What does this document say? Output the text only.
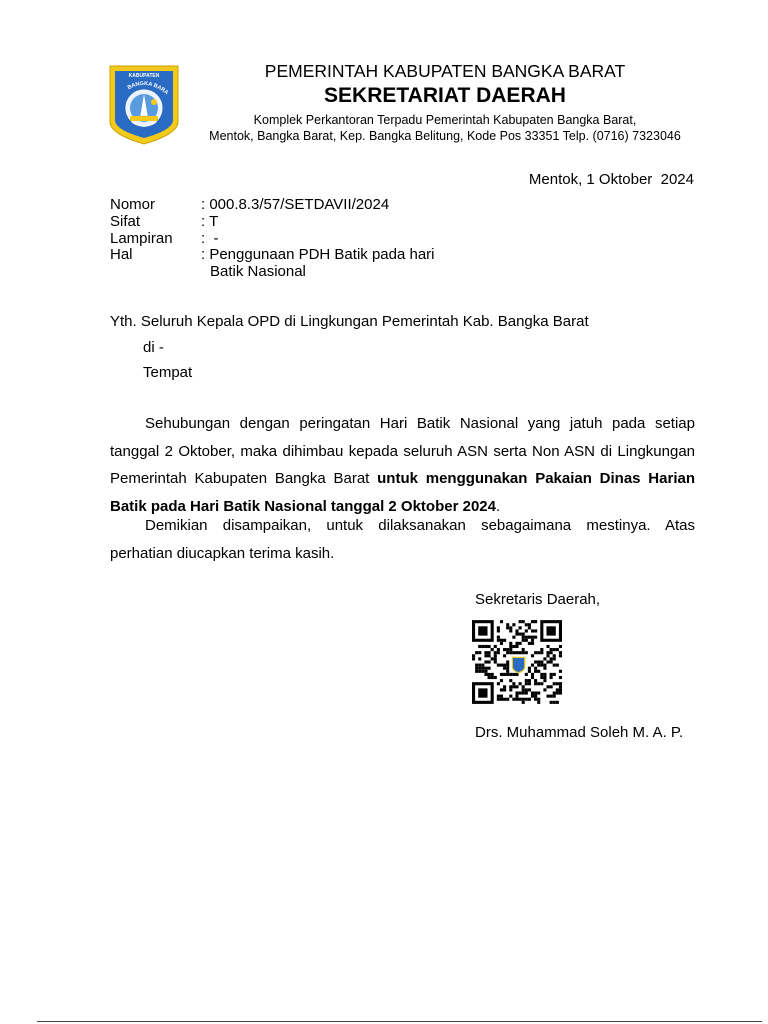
KABUPATEN
BANGKA BARA
PEMERINTAH KABUPATEN BANGKA BARAT
SEKRETARIAT DAERAH
Komplek Perkantoran Terpadu Pemerintah Kabupaten Bangka Barat,
Mentok, Bangka Barat, Kep. Bangka Belitung, Kode Pos 33351 Telp. (0716) 7323046
Mentok, 1 Oktober  2024
Nomor	: 000.8.3/57/SETDAVII/2024
Sifat	: T
Lampiran :  -
Hal	: Penggunaan PDH Batik pada hari
Batik Nasional
Yth. Seluruh Kepala OPD di Lingkungan Pemerintah Kab. Bangka Barat
di -
Tempat

Sehubungan dengan peringatan Hari Batik Nasional yang jatuh pada setiap tanggal 2 Oktober, maka dihimbau kepada seluruh ASN serta Non ASN di Lingkungan Pemerintah Kabupaten Bangka Barat untuk menggunakan Pakaian Dinas Harian Batik pada Hari Batik Nasional tanggal 2 Oktober 2024.

Demikian disampaikan, untuk dilaksanakan sebagaimana mestinya. Atas perhatian diucapkan terima kasih.

Sekretaris Daerah,
Drs. Muhammad Soleh M. A. P.
